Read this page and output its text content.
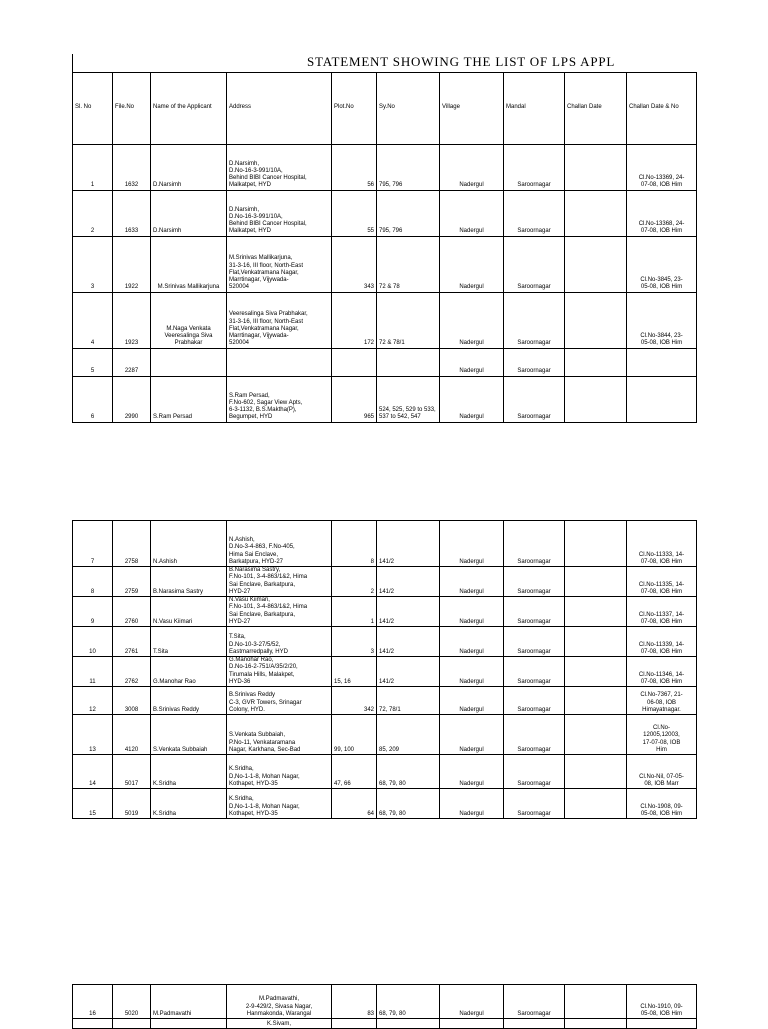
STATEMENT SHOWING THE LIST OF LPS APPL

Sl. No	File.No	Name of the Applicant	Address	Plot.No	Sy.No	Village	Mandal	Challan Date	Challan Date & No
1	1632	D.Narsimh	D.Narsimh,
D.No-16-3-991/10A,
Behind BIBI Cancer Hospital,
Malkatpet, HYD	56	795, 796	Nadergul	Saroornagar		Cl.No-13369, 24-
07-08, IOB Him

2	1633	D.Narsimh	D.Narsimh,
D.No-16-3-991/10A,
Behind BIBI Cancer Hospital,
Malkatpet, HYD	55	795, 796	Nadergul	Saroornagar		Cl.No-13368, 24-
07-08, IOB Him

3	1922	M.Srinivas Mallikarjuna	M.Srinivas Mallikarjuna,
31-3-16, III floor, North-East
Flat,Venkatramana Nagar,
Marrtinagar, Vijywada-
520004	343	72 & 78	Nadergul	Saroornagar		Cl.No-3845, 23-
05-08, IOB Him

4	1923	M.Naga Venkata Veeresalinga Siva Prabhakar	Veeresalinga Siva Prabhakar,
31-3-16, III floor, North-East
Flat,Venkatramana Nagar,
Marrtinagar, Vijywada-
520004	172	72 & 78/1	Nadergul	Saroornagar		Cl.No-3844, 23-
05-08, IOB Him

5	2287					Nadergul	Saroornagar		
6	2990	S.Ram Persad	S.Ram Persad,
F.No-602, Sagar View Apts,
6-3-1132, B.S.Maktha(P),
Begumpet, HYD	965	524, 525, 529 to 533, 537 to 542, 547	Nadergul	Saroornagar		
7	2758	N.Ashish	N.Ashish,
D.No-3-4-863, F.No-405,
Hima Sai Enclave,
Barkatpura, HYD-27	8	141/2	Nadergul	Saroornagar		Cl.No-11333, 14-
07-08, IOB Him

8	2759	B.Narasima Sastry	B.Narasima Sastry,
F.No-101, 3-4-863/1&2, Hima
Sai Enclave, Barkatpura,
HYD-27	2	141/2	Nadergul	Saroornagar		Cl.No-11335, 14-
07-08, IOB Him

9	2760	N.Vasu Kiimari	N.Vasu Kiimari,
F.No-101, 3-4-863/1&2, Hima
Sai Enclave, Barkatpura,
HYD-27	1	141/2	Nadergul	Saroornagar		Cl.No-11337, 14-
07-08, IOB Him

10	2761	T.Sita	T.Sita,
D.No-10-3-27/5/52,
Eastmarredpally, HYD	3	141/2	Nadergul	Saroornagar		Cl.No-11339, 14-
07-08, IOB Him

11	2762	G.Manohar Rao	G.Manohar Rao,
D.No-16-2-751/A/35/2/20,
Tirumala Hills, Malakpet,
HYD-36	15, 16	141/2	Nadergul	Saroornagar		Cl.No-11346, 14-
07-08, IOB Him

12	3008	B.Srinivas Reddy	B.Srinivas Reddy
C-3, GVR Towers, Srinagar
Colony, HYD.	342	72, 78/1	Nadergul	Saroornagar		Cl.No-7367, 21-
06-08, IOB
Himayatnagar.

13	4120	S.Venkata Subbaiah	S.Venkata Subbaiah,
P.No-11, Venkataramana
Nagar, Karkhana, Sec-Bad	99, 100	85, 209	Nadergul	Saroornagar		Cl.No-
12005,12003,
17-07-08, IOB
Him

14	5017	K.Sridha	K.Sridha,
D,No-1-1-8, Mohan Nagar,
Kothapet, HYD-35	47, 66	68, 79, 80	Nadergul	Saroornagar		Cl.No-Nil, 07-05-
08, IOB Marr

15	5019	K.Sridha	K.Sridha,
D,No-1-1-8, Mohan Nagar,
Kothapet, HYD-35	64	68, 79, 80	Nadergul	Saroornagar		Cl.No-1908, 09-
05-08, IOB Him
16	5020	M.Padmavathi	M.Padmavathi,
2-9-429/2, Sivasa Nagar,
Hanmakonda, Warangal	83	68, 79, 80	Nadergul	Saroornagar		Cl.No-1910, 09-
05-08, IOB Him

			K.Sivam,						
